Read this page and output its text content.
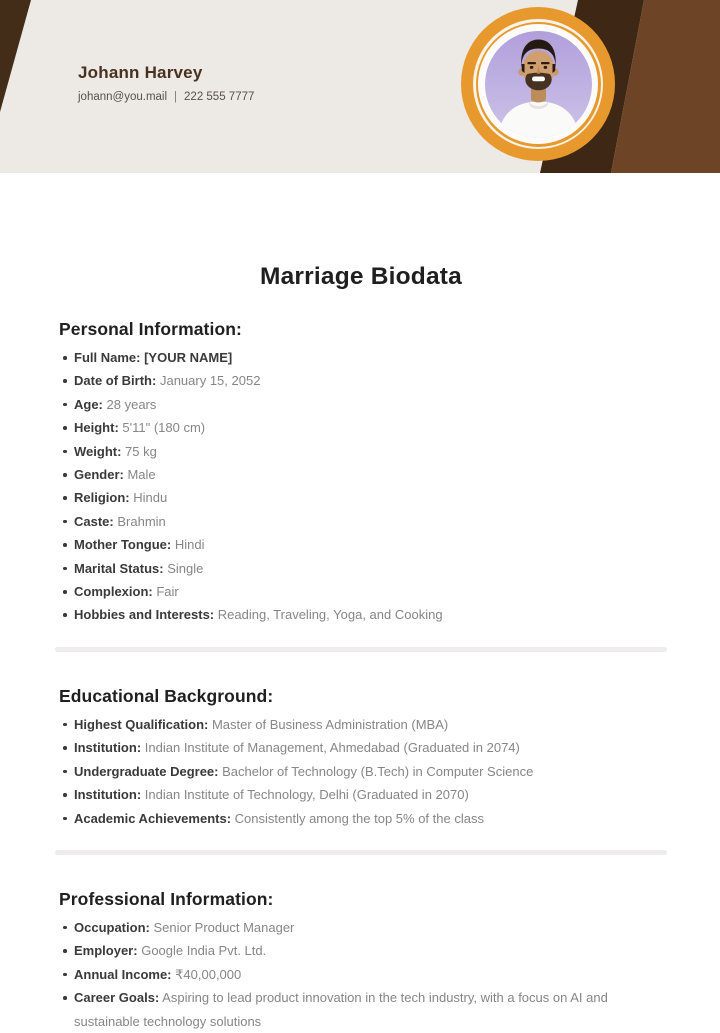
Johann Harvey
johann@you.mail | 222 555 7777
Marriage Biodata
Personal Information:
Full Name: [YOUR NAME]
Date of Birth: January 15, 2052
Age: 28 years
Height: 5'11" (180 cm)
Weight: 75 kg
Gender: Male
Religion: Hindu
Caste: Brahmin
Mother Tongue: Hindi
Marital Status: Single
Complexion: Fair
Hobbies and Interests: Reading, Traveling, Yoga, and Cooking
Educational Background:
Highest Qualification: Master of Business Administration (MBA)
Institution: Indian Institute of Management, Ahmedabad (Graduated in 2074)
Undergraduate Degree: Bachelor of Technology (B.Tech) in Computer Science
Institution: Indian Institute of Technology, Delhi (Graduated in 2070)
Academic Achievements: Consistently among the top 5% of the class
Professional Information:
Occupation: Senior Product Manager
Employer: Google India Pvt. Ltd.
Annual Income: ₹40,00,000
Career Goals: Aspiring to lead product innovation in the tech industry, with a focus on AI and sustainable technology solutions
